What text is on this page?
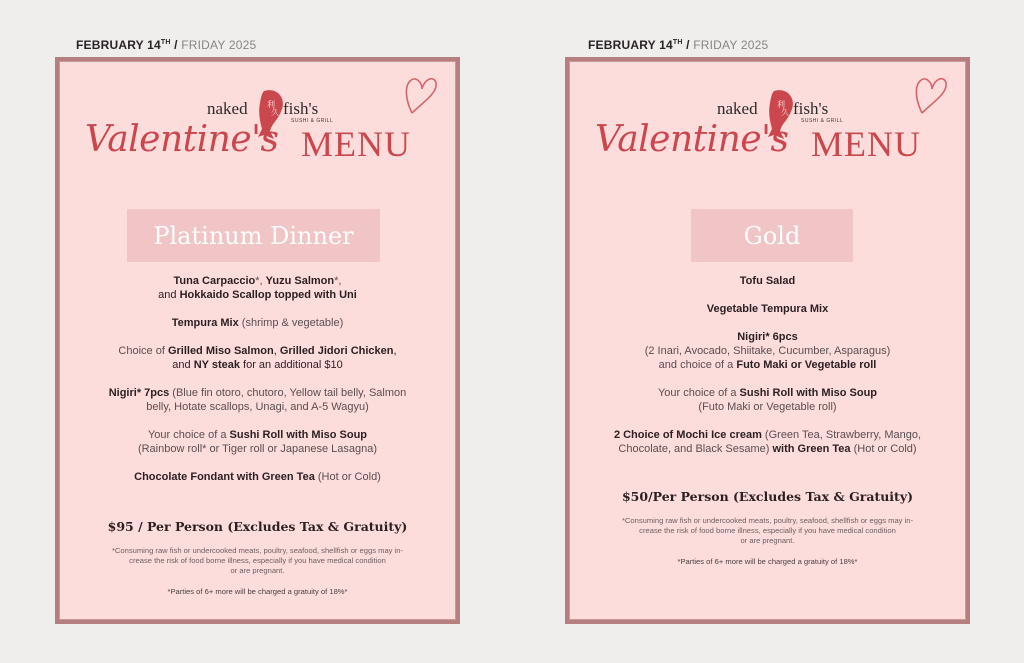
FEBRUARY 14TH / FRIDAY 2025	FEBRUARY 14TH / FRIDAY 2025
naked 利
久 fish's
SUSHI & GRILL
Valentine's MENU
Platinum Dinner

Tuna Carpaccio*, Yuzu Salmon*,
and Hokkaido Scallop topped with Uni

Tempura Mix (shrimp & vegetable)

Choice of Grilled Miso Salmon, Grilled Jidori Chicken,
and NY steak for an additional $10

Nigiri* 7pcs (Blue fin otoro, chutoro, Yellow tail belly, Salmon
belly, Hotate scallops, Unagi, and A-5 Wagyu)

Your choice of a Sushi Roll with Miso Soup
(Rainbow roll* or Tiger roll or Japanese Lasagna)

Chocolate Fondant with Green Tea (Hot or Cold)

$95 / Per Person (Excludes Tax & Gratuity)
*Consuming raw fish or undercooked meats, poultry, seafood, shellfish or eggs may in-
crease the risk of food borne illness, especially if you have medical condition
or are pregnant.
*Parties of 6+ more will be charged a gratuity of 18%*
naked 利
久 fish's
SUSHI & GRILL
Valentine's MENU
Gold

Tofu Salad

Vegetable Tempura Mix

Nigiri* 6pcs
(2 Inari, Avocado, Shiitake, Cucumber, Asparagus)
and choice of a Futo Maki or Vegetable roll

Your choice of a Sushi Roll with Miso Soup
(Futo Maki or Vegetable roll)

2 Choice of Mochi Ice cream (Green Tea, Strawberry, Mango,
Chocolate, and Black Sesame) with Green Tea (Hot or Cold)

$50/Per Person (Excludes Tax & Gratuity)
*Consuming raw fish or undercooked meats, poultry, seafood, shellfish or eggs may in-
crease the risk of food borne illness, especially if you have medical condition
or are pregnant.
*Parties of 6+ more will be charged a gratuity of 18%*
